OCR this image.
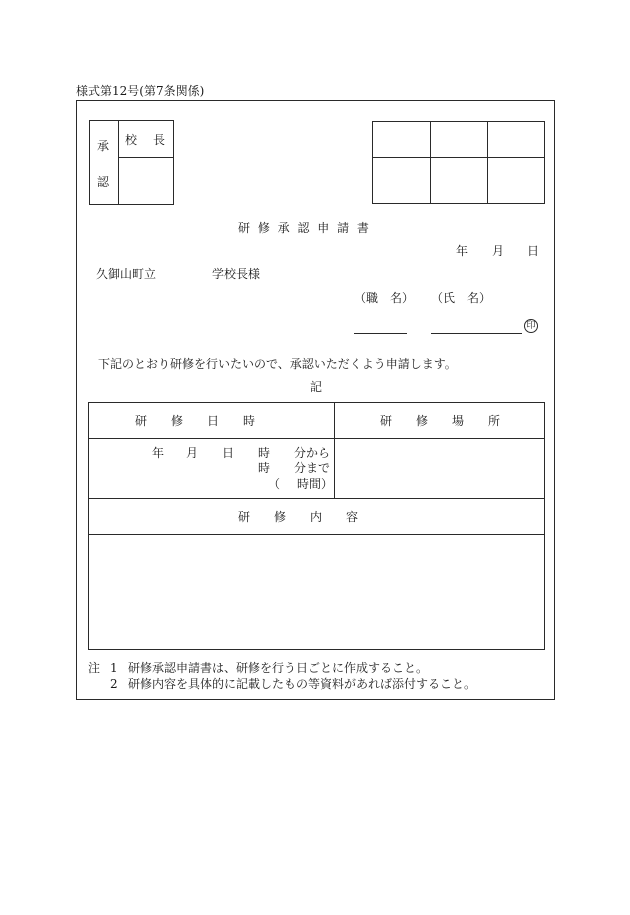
様式第12号(第7条関係)
承
認
校　長
研 修 承 認 申 請 書
年 月 日
久御山町立	学校長様
（職　名） （氏　名）
印
下記のとおり研修を行いたいので、承認いただくよう申請します。
記
研　　修　　日　　時	研　　修　　場　　所
年 月 日 時 分から
時 分まで
（ 時間）
研　　修　　内　　容
注 1 研修承認申請書は、研修を行う日ごとに作成すること。
2 研修内容を具体的に記載したもの等資料があれば添付すること。
